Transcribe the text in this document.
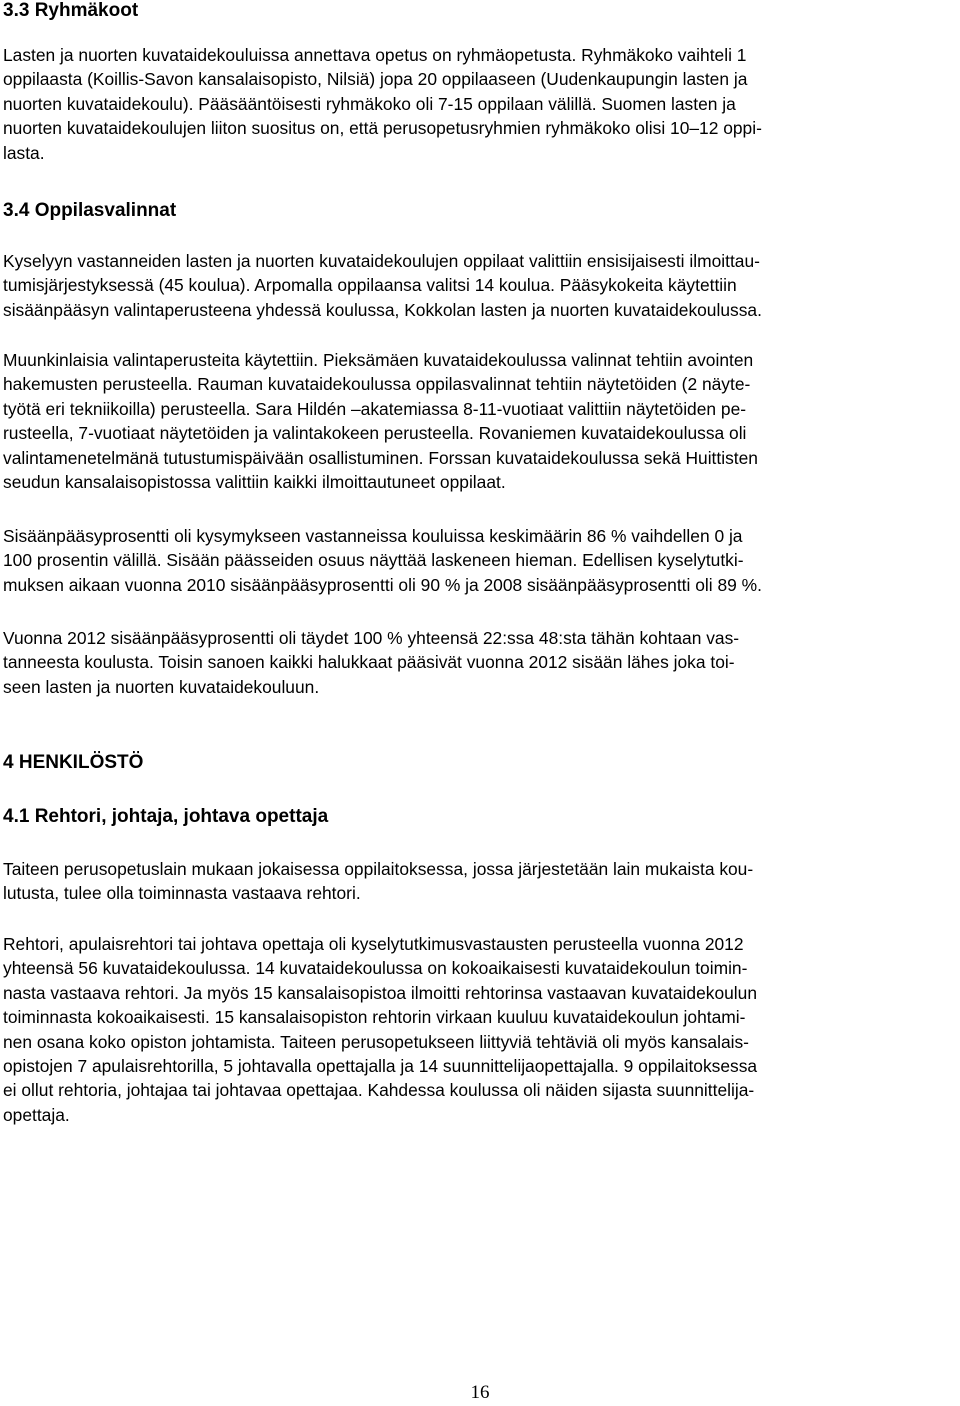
3.3 Ryhmäkoot

Lasten ja nuorten kuvataidekouluissa annettava opetus on ryhmäopetusta. Ryhmäkoko vaihteli 1
oppilaasta (Koillis-Savon kansalaisopisto, Nilsiä) jopa 20 oppilaaseen (Uudenkaupungin lasten ja
nuorten kuvataidekoulu). Pääsääntöisesti ryhmäkoko oli 7-15 oppilaan välillä. Suomen lasten ja
nuorten kuvataidekoulujen liiton suositus on, että perusopetusryhmien ryhmäkoko olisi 10‒12 oppi-
lasta.

3.4 Oppilasvalinnat

Kyselyyn vastanneiden lasten ja nuorten kuvataidekoulujen oppilaat valittiin ensisijaisesti ilmoittau-
tumisjärjestyksessä (45 koulua). Arpomalla oppilaansa valitsi 14 koulua. Pääsykokeita käytettiin
sisäänpääsyn valintaperusteena yhdessä koulussa, Kokkolan lasten ja nuorten kuvataidekoulussa.

Muunkinlaisia valintaperusteita käytettiin. Pieksämäen kuvataidekoulussa valinnat tehtiin avointen
hakemusten perusteella. Rauman kuvataidekoulussa oppilasvalinnat tehtiin näytetöiden (2 näyte-
työtä eri tekniikoilla) perusteella. Sara Hildén ‒akatemiassa 8-11-vuotiaat valittiin näytetöiden pe-
rusteella, 7-vuotiaat näytetöiden ja valintakokeen perusteella. Rovaniemen kuvataidekoulussa oli
valintamenetelmänä tutustumispäivään osallistuminen. Forssan kuvataidekoulussa sekä Huittisten
seudun kansalaisopistossa valittiin kaikki ilmoittautuneet oppilaat.

Sisäänpääsyprosentti oli kysymykseen vastanneissa kouluissa keskimäärin 86 % vaihdellen 0 ja
100 prosentin välillä. Sisään päässeiden osuus näyttää laskeneen hieman. Edellisen kyselytutki-
muksen aikaan vuonna 2010 sisäänpääsyprosentti oli 90 % ja 2008 sisäänpääsyprosentti oli 89 %.

Vuonna 2012 sisäänpääsyprosentti oli täydet 100 % yhteensä 22:ssa 48:sta tähän kohtaan vas-
tanneesta koulusta. Toisin sanoen kaikki halukkaat pääsivät vuonna 2012 sisään lähes joka toi-
seen lasten ja nuorten kuvataidekouluun.

4 HENKILÖSTÖ
4.1 Rehtori, johtaja, johtava opettaja

Taiteen perusopetuslain mukaan jokaisessa oppilaitoksessa, jossa järjestetään lain mukaista kou-
lutusta, tulee olla toiminnasta vastaava rehtori.

Rehtori, apulaisrehtori tai johtava opettaja oli kyselytutkimusvastausten perusteella vuonna 2012
yhteensä 56 kuvataidekoulussa. 14 kuvataidekoulussa on kokoaikaisesti kuvataidekoulun toimin-
nasta vastaava rehtori. Ja myös 15 kansalaisopistoa ilmoitti rehtorinsa vastaavan kuvataidekoulun
toiminnasta kokoaikaisesti. 15 kansalaisopiston rehtorin virkaan kuuluu kuvataidekoulun johtami-
nen osana koko opiston johtamista. Taiteen perusopetukseen liittyviä tehtäviä oli myös kansalais-
opistojen 7 apulaisrehtorilla, 5 johtavalla opettajalla ja 14 suunnittelijaopettajalla. 9 oppilaitoksessa
ei ollut rehtoria, johtajaa tai johtavaa opettajaa. Kahdessa koulussa oli näiden sijasta suunnittelija-
opettaja.

16
